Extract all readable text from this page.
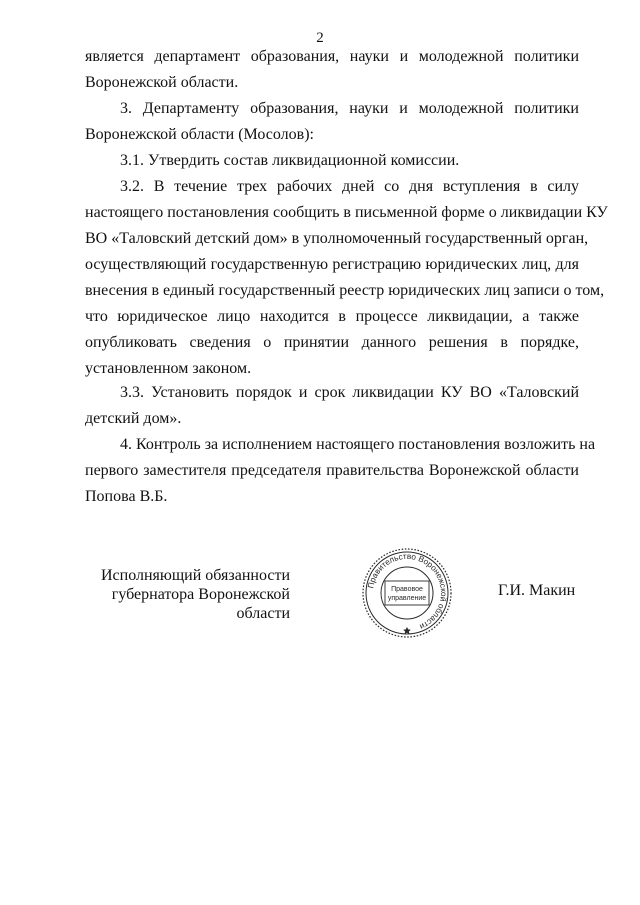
2
является департамент образования, науки и молодежной политики
Воронежской области.
3. Департаменту образования, науки и молодежной политики
Воронежской области (Мосолов):
3.1. Утвердить состав ликвидационной комиссии.
3.2. В течение трех рабочих дней со дня вступления в силу
настоящего постановления сообщить в письменной форме о ликвидации КУ
ВО «Таловский детский дом» в уполномоченный государственный орган,
осуществляющий государственную регистрацию юридических лиц, для
внесения в единый государственный реестр юридических лиц записи о том,
что юридическое лицо находится в процессе ликвидации, а также
опубликовать сведения о принятии данного решения в порядке,
установленном законом.
3.3. Установить порядок и срок ликвидации КУ ВО «Таловский
детский дом».
4. Контроль за исполнением настоящего постановления возложить на
первого заместителя председателя правительства Воронежской области
Попова В.Б.
Исполняющий обязанности
губернатора Воронежской области
Правительство Воронежской области
Правовое
управление	Г.И. Макин
